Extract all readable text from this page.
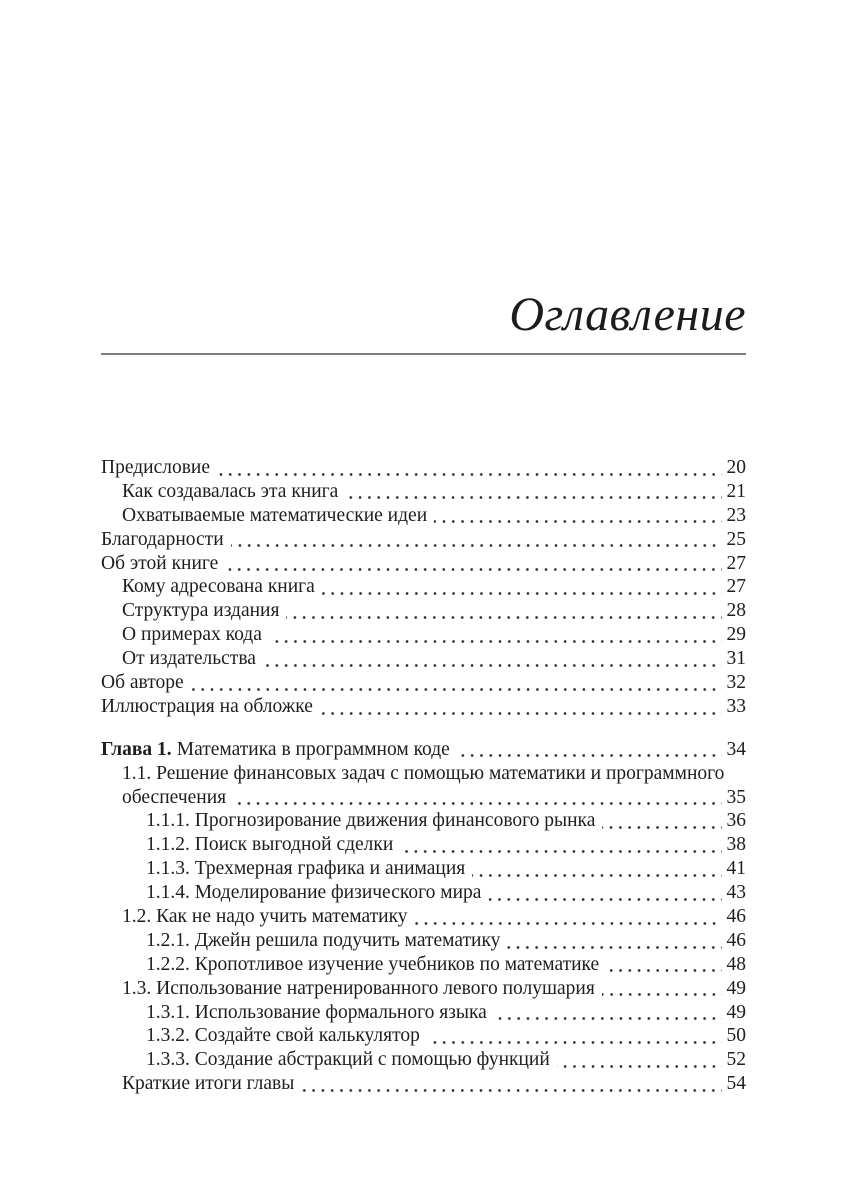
Оглавление
Предисловие	20
Как создавалась эта книга	21
Охватываемые математические идеи	23
Благодарности	25
Об этой книге	27
Кому адресована книга	27
Структура издания	28
О примерах кода	29
От издательства	31
Об авторе	32
Иллюстрация на обложке	33
Глава 1. Математика в программном коде	34
1.1. Решение финансовых задач с помощью математики и программного
обеспечения	35
1.1.1. Прогнозирование движения финансового рынка	36
1.1.2. Поиск выгодной сделки	38
1.1.3. Трехмерная графика и анимация	41
1.1.4. Моделирование физического мира	43
1.2. Как не надо учить математику	46
1.2.1. Джейн решила подучить математику	46
1.2.2. Кропотливое изучение учебников по математике	48
1.3. Использование натренированного левого полушария	49
1.3.1. Использование формального языка	49
1.3.2. Создайте свой калькулятор	50
1.3.3. Создание абстракций с помощью функций	52
Краткие итоги главы	54
